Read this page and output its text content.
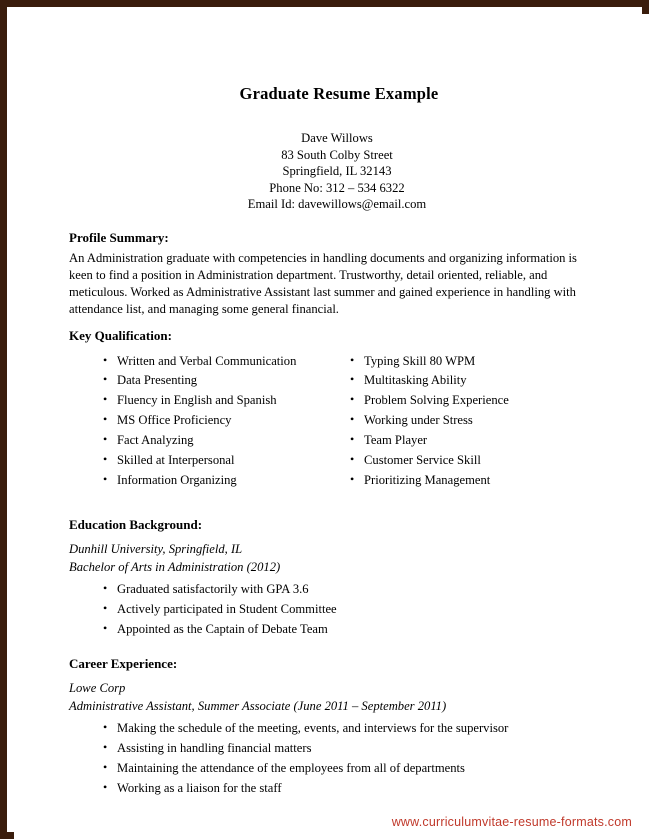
Graduate Resume Example
Dave Willows
83 South Colby Street
Springfield, IL 32143
Phone No: 312 – 534 6322
Email Id: davewillows@email.com
Profile Summary:

An Administration graduate with competencies in handling documents and organizing information is keen to find a position in Administration department. Trustworthy, detail oriented, reliable, and meticulous. Worked as Administrative Assistant last summer and gained experience in handling with attendance list, and managing some general financial.

Key Qualification:
• Written and Verbal Communication
• Data Presenting
• Fluency in English and Spanish
• MS Office Proficiency
• Fact Analyzing
• Skilled at Interpersonal
• Information Organizing
• Typing Skill 80 WPM
• Multitasking Ability
• Problem Solving Experience
• Working under Stress
• Team Player
• Customer Service Skill
• Prioritizing Management
Education Background:
Dunhill University, Springfield, IL
Bachelor of Arts in Administration (2012)
• Graduated satisfactorily with GPA 3.6
• Actively participated in Student Committee
• Appointed as the Captain of Debate Team
Career Experience:
Lowe Corp
Administrative Assistant, Summer Associate (June 2011 – September 2011)
• Making the schedule of the meeting, events, and interviews for the supervisor
• Assisting in handling financial matters
• Maintaining the attendance of the employees from all of departments
• Working as a liaison for the staff
www.curriculumvitae-resume-formats.com
